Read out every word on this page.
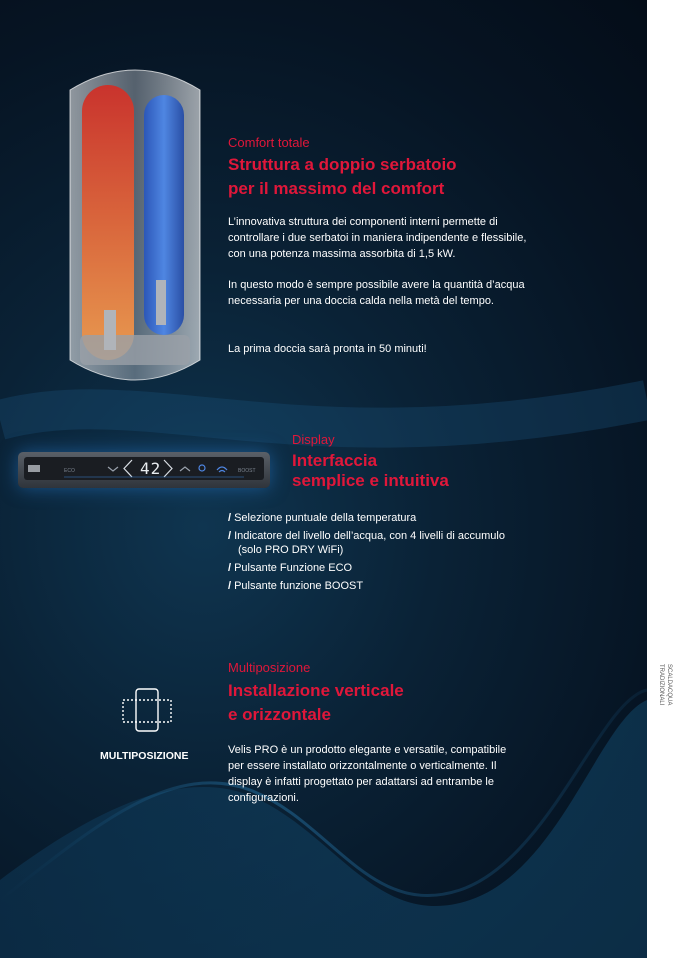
Comfort totale
Struttura a doppio serbatoio
per il massimo del comfort
L’innovativa struttura dei componenti interni permette di controllare i due serbatoi in maniera indipendente e flessibile, con una potenza massima assorbita di 1,5 kW.
In questo modo è sempre possibile avere la quantità d’acqua necessaria per una doccia calda nella metà del tempo.
La prima doccia sarà pronta in 50 minuti!
ECO	BOOST
42
Display
Interfaccia
semplice e intuitiva
/ Selezione puntuale della temperatura
/ Indicatore del livello dell’acqua, con 4 livelli di accumulo (solo PRO DRY WiFi)
/ Pulsante Funzione ECO
/ Pulsante funzione BOOST
MULTIPOSIZIONE
Multiposizione
Installazione verticale
e orizzontale
Velis PRO è un prodotto elegante e versatile, compatibile per essere installato orizzontalmente o verticalmente. Il display è infatti progettato per adattarsi ad entrambe le configurazioni.
SCALDACQUA TRADIZIONALI
